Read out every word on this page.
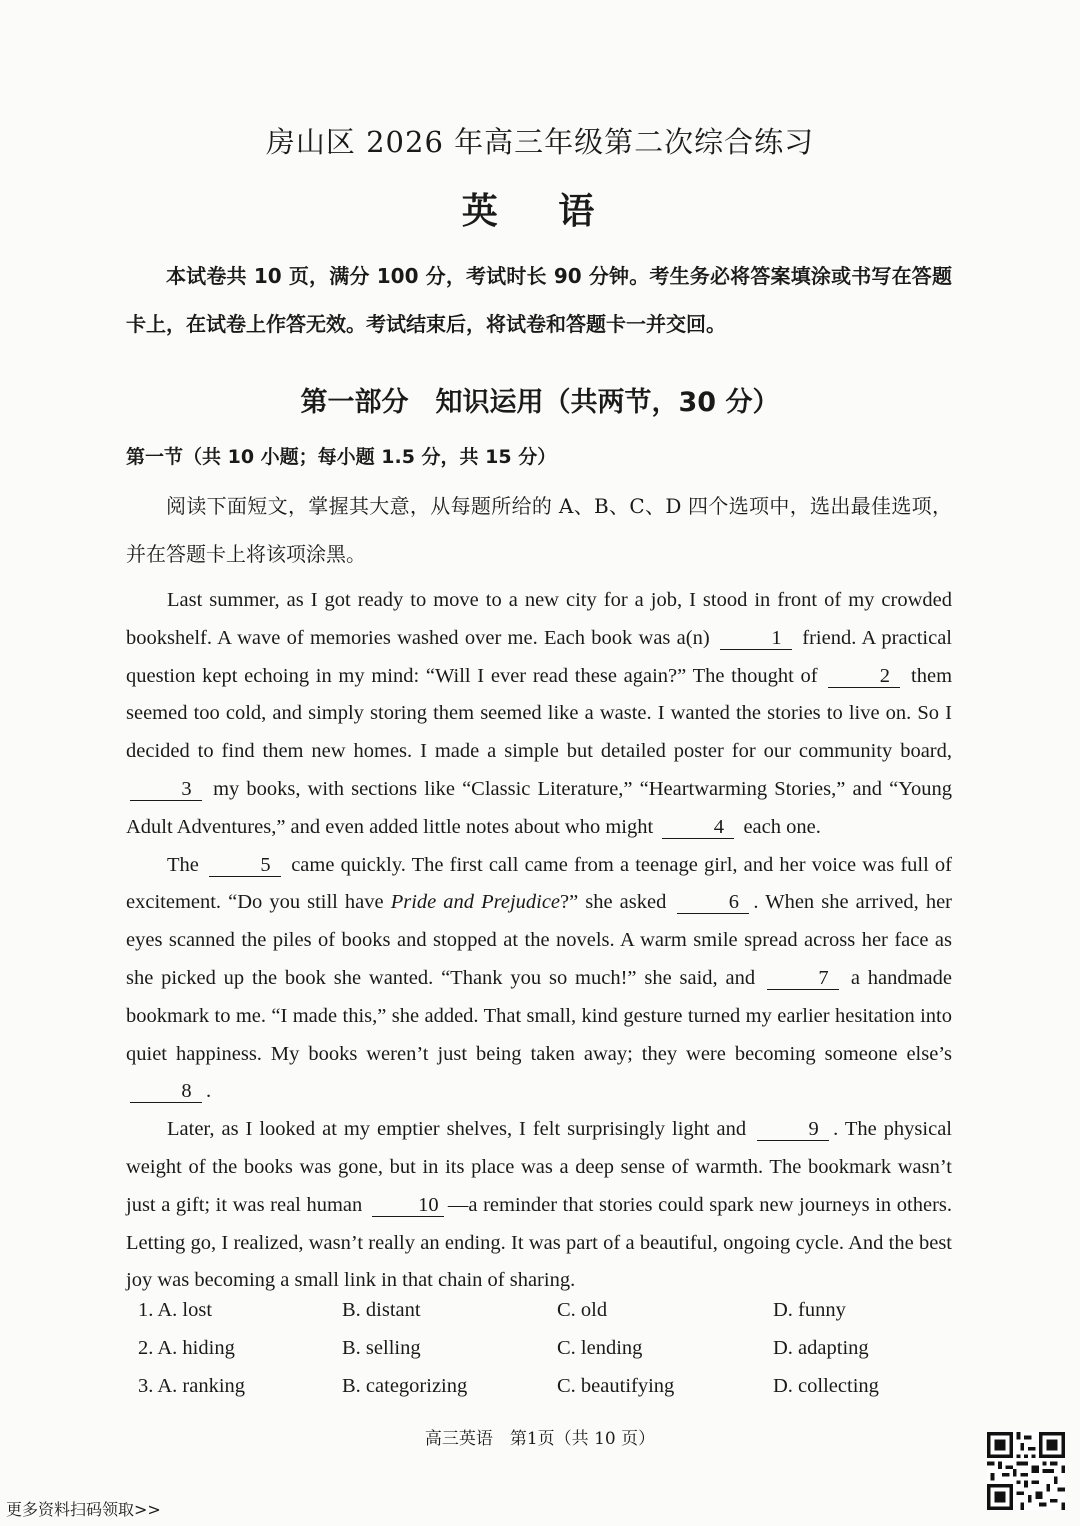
房山区 2026 年高三年级第二次综合练习
英 语
本试卷共 10 页，满分 100 分，考试时长 90 分钟。考生务必将答案填涂或书写在答题卡上，在试卷上作答无效。考试结束后，将试卷和答题卡一并交回。
第一部分　知识运用（共两节，30 分）
第一节（共 10 小题；每小题 1.5 分，共 15 分）
阅读下面短文，掌握其大意，从每题所给的 A、B、C、D 四个选项中，选出最佳选项，并在答题卡上将该项涂黑。

Last summer, as I got ready to move to a new city for a job, I stood in front of my crowded bookshelf. A wave of memories washed over me. Each book was a(n)	1 friend. A practical question kept echoing in my mind: “Will I ever read these again?” The thought of	2 them seemed too cold, and simply storing them seemed like a waste. I wanted the stories to live on. So I decided to find them new homes. I made a simple but detailed poster for our community board, 3 my books, with sections like “Classic Literature,” “Heartwarming Stories,” and “Young Adult Adventures,” and even added little notes about who might	4 each one.

The	5 came quickly. The first call came from a teenage girl, and her voice was full of excitement. “Do you still have Pride and Prejudice?” she asked	6 . When she arrived, her eyes scanned the piles of books and stopped at the novels. A warm smile spread across her face as she picked up the book she wanted. “Thank you so much!” she said, and	7 a handmade bookmark to me. “I made this,” she added. That small, kind gesture turned my earlier hesitation into quiet happiness. My books weren’t just being taken away; they were becoming someone else’s 8 .

Later, as I looked at my emptier shelves, I felt surprisingly light and	9 . The physical weight of the books was gone, but in its place was a deep sense of warmth. The bookmark wasn’t just a gift; it was real human	10 —a reminder that stories could spark new journeys in others. Letting go, I realized, wasn’t really an ending. It was part of a beautiful, ongoing cycle. And the best joy was becoming a small link in that chain of sharing.

1. A. lost	B. distant	C. old	D. funny
2. A. hiding	B. selling	C. lending	D. adapting
3. A. ranking	B. categorizing	C. beautifying	D. collecting
高三英语　第1页（共 10 页）
更多资料扫码领取>>
